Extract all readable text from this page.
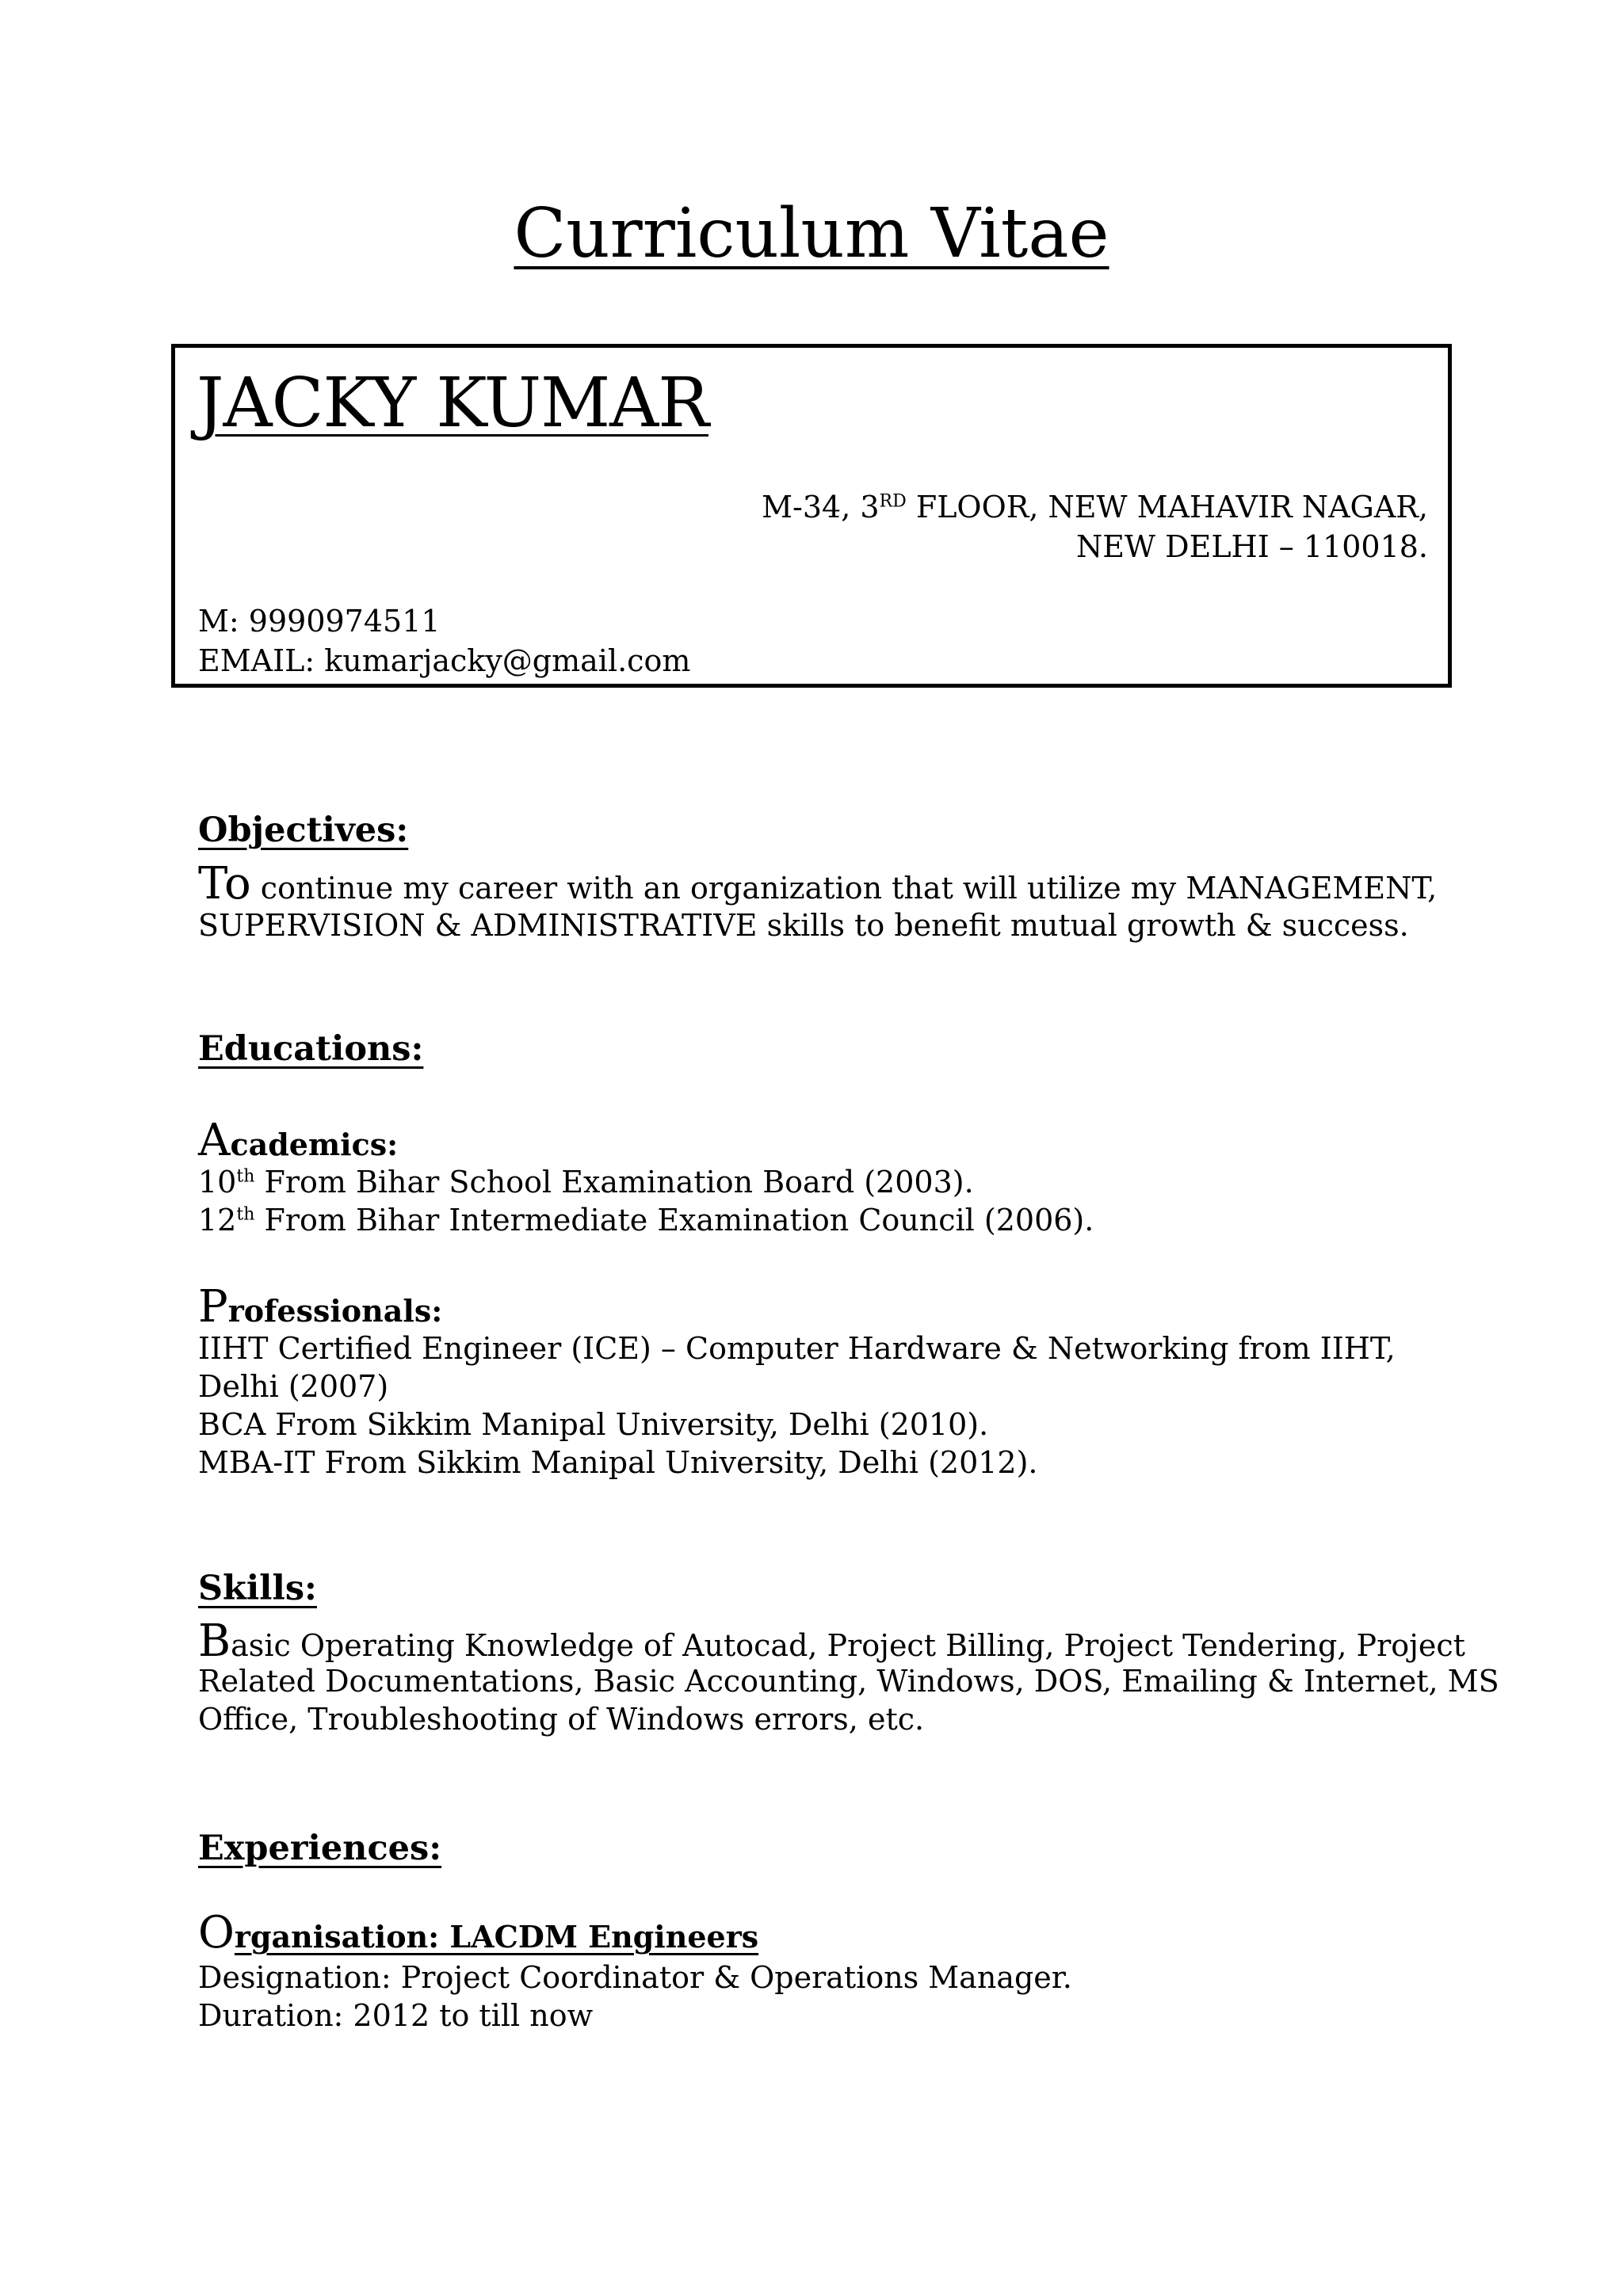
Curriculum Vitae
JACKY KUMAR
M-34, 3RD FLOOR, NEW MAHAVIR NAGAR,
NEW DELHI – 110018.
M: 9990974511
EMAIL: kumarjacky@gmail.com
Objectives:
To continue my career with an organization that will utilize my MANAGEMENT,
SUPERVISION & ADMINISTRATIVE skills to benefit mutual growth & success.
Educations:
Academics:
10th From Bihar School Examination Board (2003).
12th From Bihar Intermediate Examination Council (2006).
Professionals:
IIHT Certified Engineer (ICE) – Computer Hardware & Networking from IIHT,
Delhi (2007)
BCA From Sikkim Manipal University, Delhi (2010).
MBA-IT From Sikkim Manipal University, Delhi (2012).
Skills:
Basic Operating Knowledge of Autocad, Project Billing, Project Tendering, Project
Related Documentations, Basic Accounting, Windows, DOS, Emailing & Internet, MS
Office, Troubleshooting of Windows errors, etc.
Experiences:
Organisation: LACDM Engineers
Designation: Project Coordinator & Operations Manager.
Duration: 2012 to till now
